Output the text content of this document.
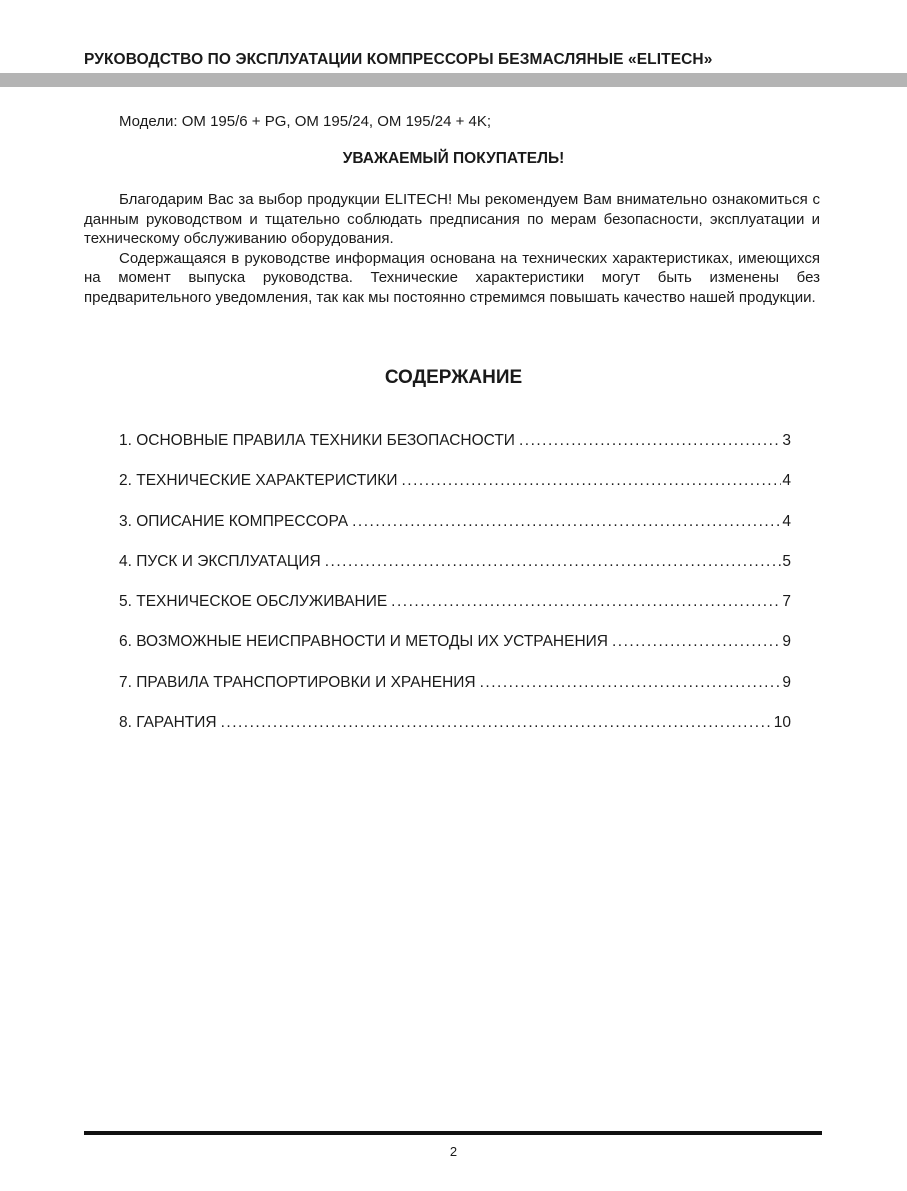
РУКОВОДСТВО ПО ЭКСПЛУАТАЦИИ КОМПРЕССОРЫ БЕЗМАСЛЯНЫЕ «ELITECH»
Модели: ОМ 195/6 + PG, ОМ 195/24, ОМ 195/24 + 4K;
УВАЖАЕМЫЙ ПОКУПАТЕЛЬ!

Благодарим Вас за выбор продукции ELITECH! Мы рекомендуем Вам внимательно ознакомиться с данным руководством и тщательно соблюдать предписания по мерам безопасности, эксплуатации и техническому обслуживанию оборудования.

Содержащаяся в руководстве информация основана на технических характеристиках, имеющихся на момент выпуска руководства. Технические характеристики могут быть изменены без предварительного уведомления, так как мы постоянно стремимся повышать качество нашей продукции.

СОДЕРЖАНИЕ
1. ОСНОВНЫЕ ПРАВИЛА ТЕХНИКИ БЕЗОПАСНОСТИ .....	3
2. ТЕХНИЧЕСКИЕ ХАРАКТЕРИСТИКИ .....	4
3. ОПИСАНИЕ КОМПРЕССОРА .....	4
4. ПУСК И ЭКСПЛУАТАЦИЯ .....	5
5. ТЕХНИЧЕСКОЕ ОБСЛУЖИВАНИЕ .....	7
6. ВОЗМОЖНЫЕ НЕИСПРАВНОСТИ И МЕТОДЫ ИХ УСТРАНЕНИЯ .....	9
7. ПРАВИЛА ТРАНСПОРТИРОВКИ И ХРАНЕНИЯ .....	9
8. ГАРАНТИЯ .....	10
2
